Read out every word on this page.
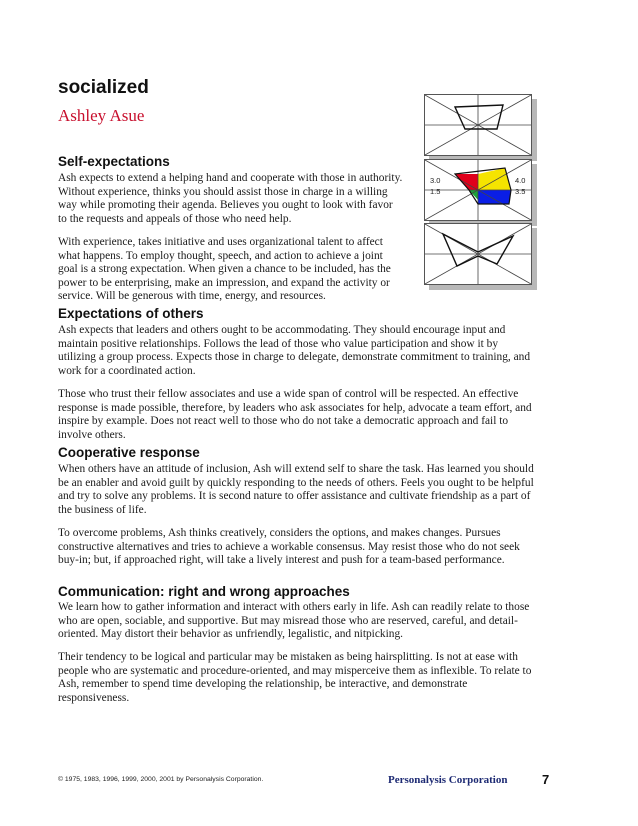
socialized
Ashley Asue
Self-expectations

Ash expects to extend a helping hand and cooperate with those in authority. Without experience, thinks you should assist those in charge in a willing way while promoting their agenda. Believes you ought to look with favor to the requests and appeals of those who need help.

With experience, takes initiative and uses organizational talent to affect what happens. To employ thought, speech, and action to achieve a joint goal is a strong expectation. When given a chance to be included, has the power to be enterprising, make an impression, and expand the activity or service. Will be generous with time, energy, and resources.

Expectations of others

Ash expects that leaders and others ought to be accommodating. They should encourage input and maintain positive relationships. Follows the lead of those who value participation and show it by utilizing a group process. Expects those in charge to delegate, demonstrate commitment to training, and work for a coordinated action.

Those who trust their fellow associates and use a wide span of control will be respected. An effective response is made possible, therefore, by leaders who ask associates for help, advocate a team effort, and inspire by example. Does not react well to those who do not take a democratic approach and fail to involve others.

Cooperative response

When others have an attitude of inclusion, Ash will extend self to share the task. Has learned you should be an enabler and avoid guilt by quickly responding to the needs of others. Feels you ought to be helpful and try to solve any problems. It is second nature to offer assistance and cultivate friendship as a part of the business of life.

To overcome problems, Ash thinks creatively, considers the options, and makes changes. Pursues constructive alternatives and tries to achieve a workable consensus. May resist those who do not seek buy-in; but, if approached right, will take a lively interest and push for a team-based performance.

Communication: right and wrong approaches

We learn how to gather information and interact with others early in life. Ash can readily relate to those who are open, sociable, and supportive. But may misread those who are reserved, careful, and detail-oriented. May distort their behavior as unfriendly, legalistic, and nitpicking.

Their tendency to be logical and particular may be mistaken as being hairsplitting. Is not at ease with people who are systematic and procedure-oriented, and may misperceive them as inflexible. To relate to Ash, remember to spend time developing the relationship, be interactive, and demonstrate responsiveness.

3.0	4.0
1.5	3.5
© 1975, 1983, 1996, 1999, 2000, 2001 by Personalysis Corporation.	Personalysis Corporation	7
